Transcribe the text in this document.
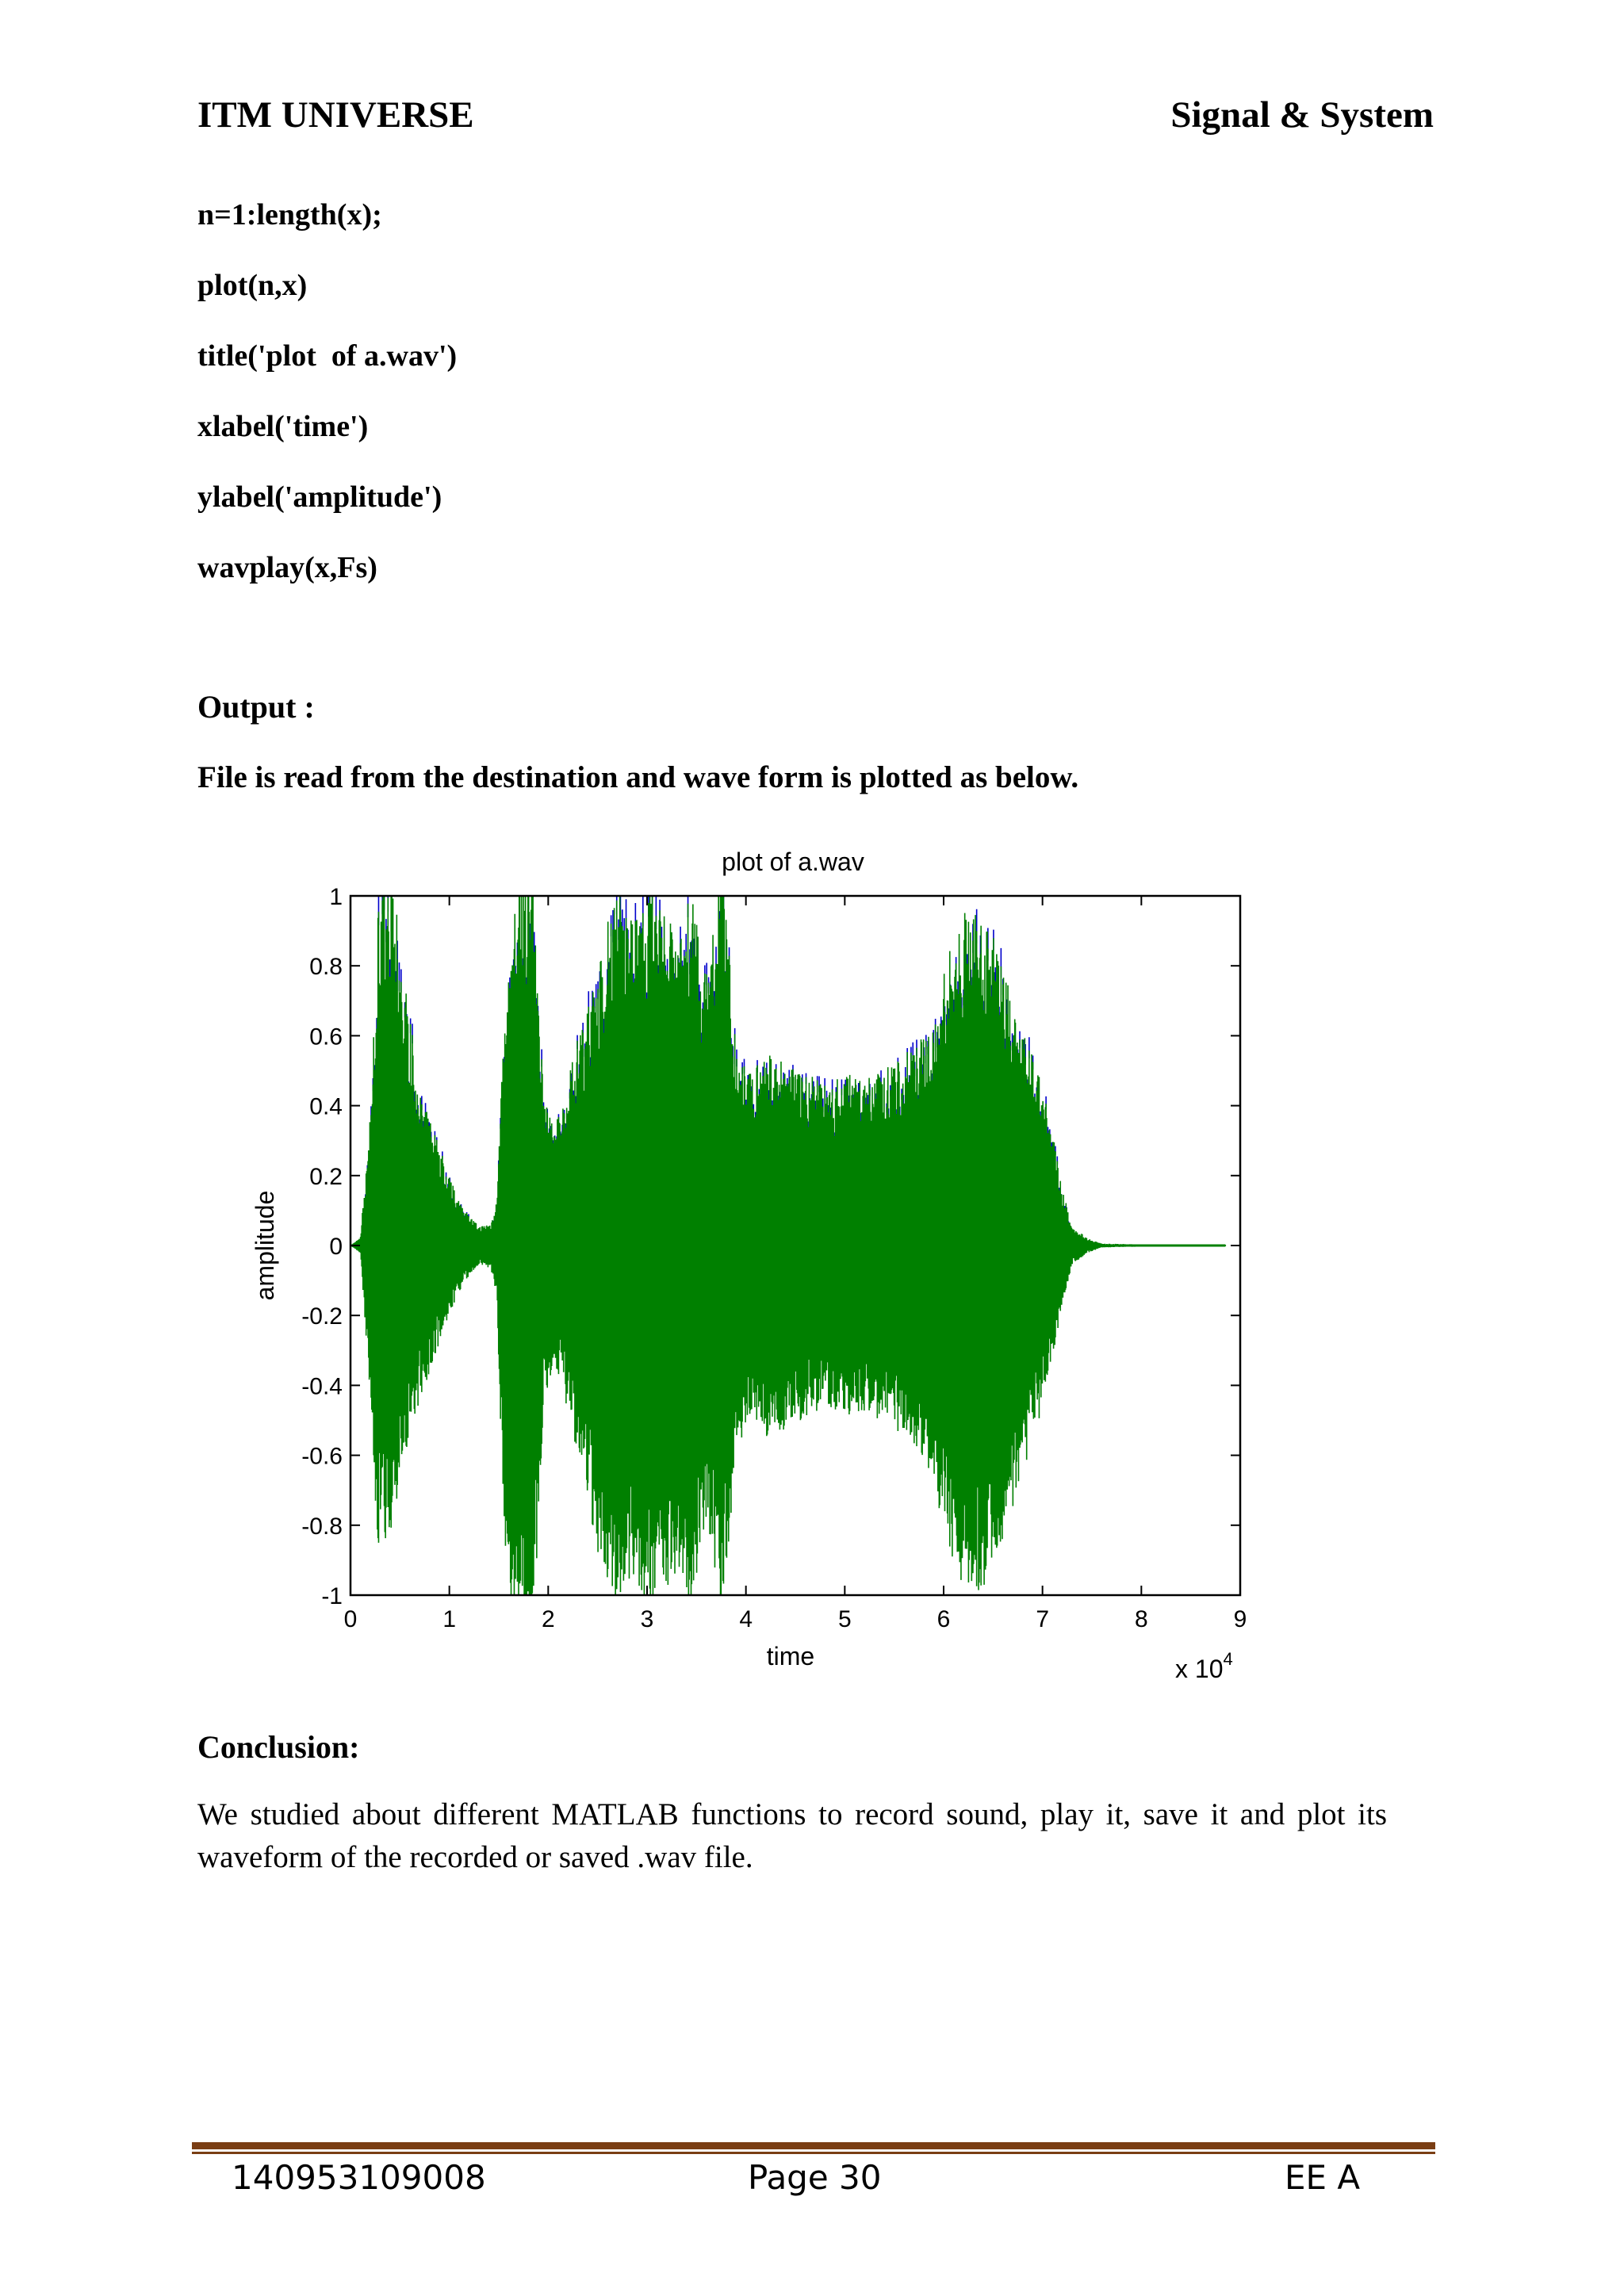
ITM UNIVERSE	Signal & System
n=1:length(x);
plot(n,x)
title('plot  of a.wav')
xlabel('time')
ylabel('amplitude')
wavplay(x,Fs)
Output :
File is read from the destination and wave form is plotted as below.
plot of a.wav
0	1	2	3	4	5	6	7	8	9
1
0.8
0.6
0.4
0.2
0
-0.2
-0.4
-0.6
-0.8
-1
time
amplitude
x $10^4$
Conclusion:
We studied about different MATLAB functions to record sound, play it, save it and plot its waveform of the recorded or saved .wav file.
140953109008	Page 30	EE A
